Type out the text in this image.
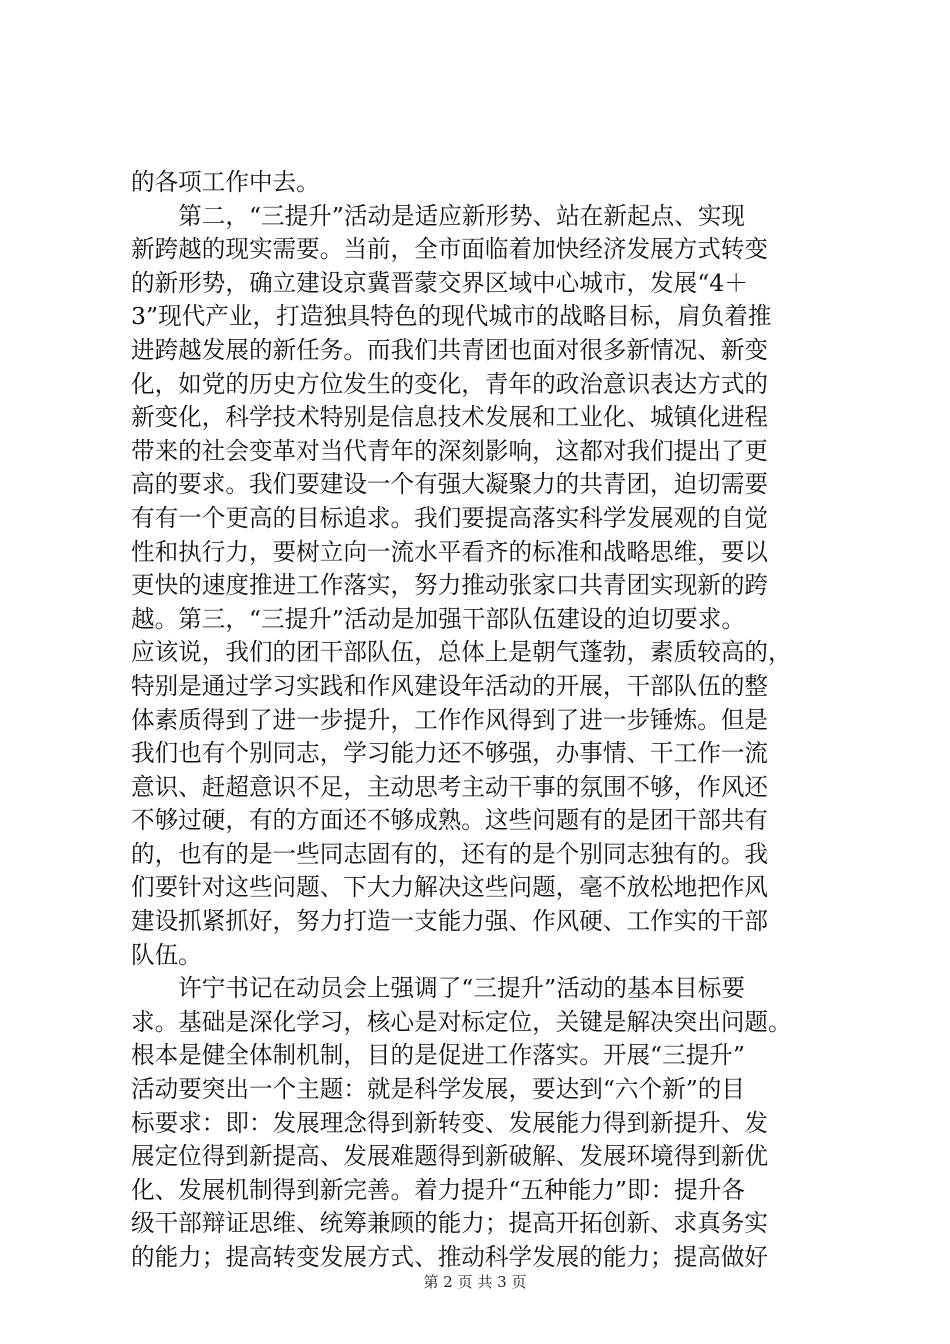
的各项工作中去。
　　第二，“三提升”活动是适应新形势、站在新起点、实现
新跨越的现实需要。当前，全市面临着加快经济发展方式转变
的新形势，确立建设京冀晋蒙交界区域中心城市，发展“4＋
3”现代产业，打造独具特色的现代城市的战略目标，肩负着推
进跨越发展的新任务。而我们共青团也面对很多新情况、新变
化，如党的历史方位发生的变化，青年的政治意识表达方式的
新变化，科学技术特别是信息技术发展和工业化、城镇化进程
带来的社会变革对当代青年的深刻影响，这都对我们提出了更
高的要求。我们要建设一个有强大凝聚力的共青团，迫切需要
有有一个更高的目标追求。我们要提高落实科学发展观的自觉
性和执行力，要树立向一流水平看齐的标准和战略思维，要以
更快的速度推进工作落实，努力推动张家口共青团实现新的跨
越。第三，“三提升”活动是加强干部队伍建设的迫切要求。
应该说，我们的团干部队伍，总体上是朝气蓬勃，素质较高的，
特别是通过学习实践和作风建设年活动的开展，干部队伍的整
体素质得到了进一步提升，工作作风得到了进一步锤炼。但是
我们也有个别同志，学习能力还不够强，办事情、干工作一流
意识、赶超意识不足，主动思考主动干事的氛围不够，作风还
不够过硬，有的方面还不够成熟。这些问题有的是团干部共有
的，也有的是一些同志固有的，还有的是个别同志独有的。我
们要针对这些问题、下大力解决这些问题，毫不放松地把作风
建设抓紧抓好，努力打造一支能力强、作风硬、工作实的干部
队伍。
　　许宁书记在动员会上强调了“三提升”活动的基本目标要
求。基础是深化学习，核心是对标定位，关键是解决突出问题。
根本是健全体制机制，目的是促进工作落实。开展“三提升”
活动要突出一个主题：就是科学发展，要达到“六个新”的目
标要求：即：发展理念得到新转变、发展能力得到新提升、发
展定位得到新提高、发展难题得到新破解、发展环境得到新优
化、发展机制得到新完善。着力提升“五种能力”即：提升各
级干部辩证思维、统筹兼顾的能力；提高开拓创新、求真务实
的能力；提高转变发展方式、推动科学发展的能力；提高做好
第 2 页 共 3 页
